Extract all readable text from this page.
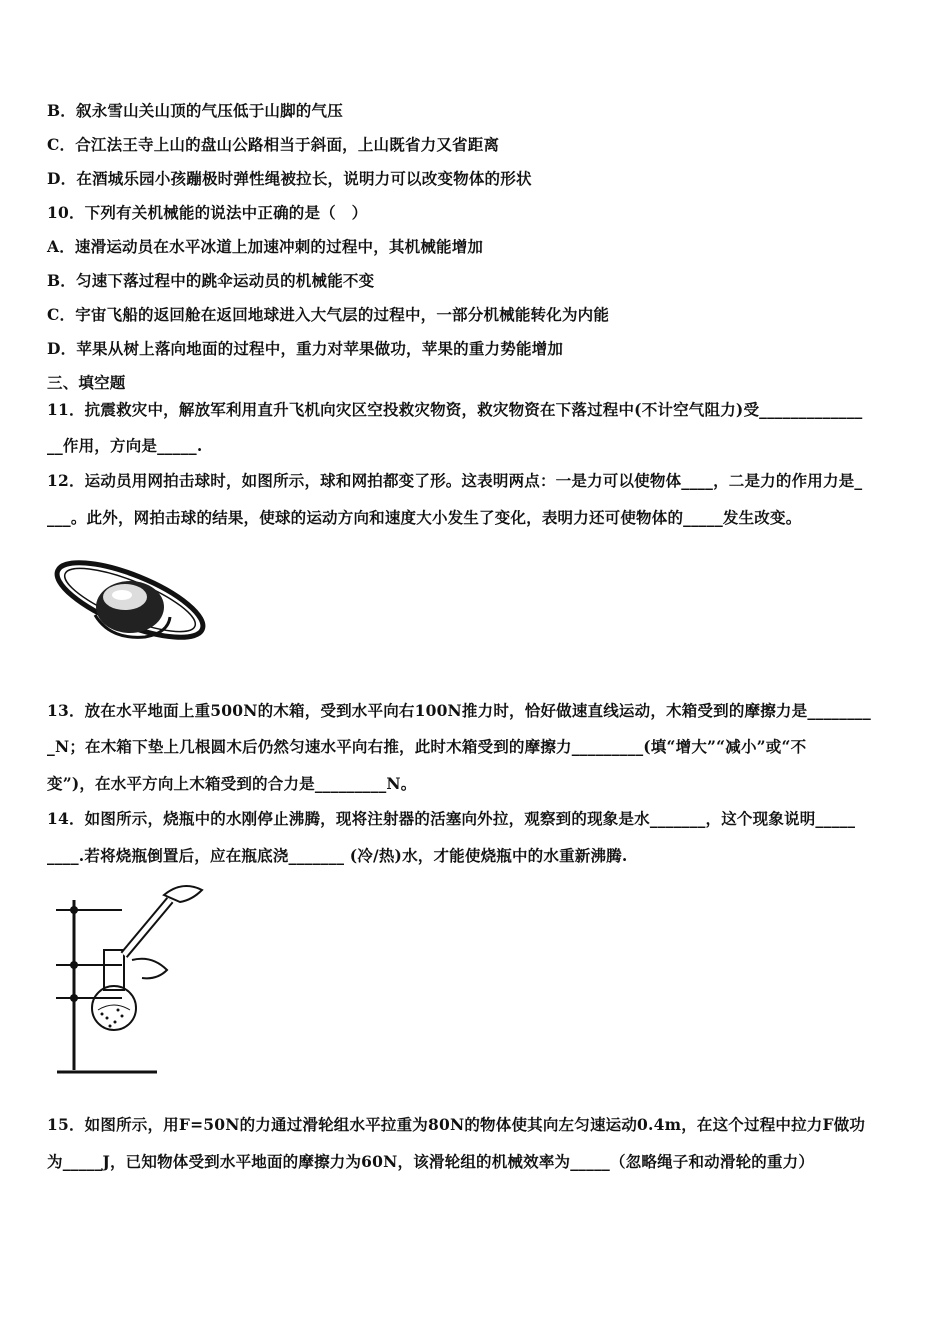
B．叙永雪山关山顶的气压低于山脚的气压
C．合江法王寺上山的盘山公路相当于斜面，上山既省力又省距离
D．在酒城乐园小孩蹦极时弹性绳被拉长，说明力可以改变物体的形状
10．下列有关机械能的说法中正确的是（　）
A．速滑运动员在水平冰道上加速冲刺的过程中，其机械能增加
B．匀速下落过程中的跳伞运动员的机械能不变
C．宇宙飞船的返回舱在返回地球进入大气层的过程中，一部分机械能转化为内能
D．苹果从树上落向地面的过程中，重力对苹果做功，苹果的重力势能增加
三、填空题
11．抗震救灾中，解放军利用直升飞机向灾区空投救灾物资，救灾物资在下落过程中(不计空气阻力)受_____________
__作用，方向是_____.
12．运动员用网拍击球时，如图所示，球和网拍都变了形。这表明两点：一是力可以使物体____，二是力的作用力是_
___。此外，网拍击球的结果，使球的运动方向和速度大小发生了变化，表明力还可使物体的_____发生改变。
13．放在水平地面上重500N的木箱，受到水平向右100N推力时，恰好做速直线运动，木箱受到的摩擦力是________
_N；在木箱下垫上几根圆木后仍然匀速水平向右推，此时木箱受到的摩擦力_________(填“增大”“减小”或“不
变”)，在水平方向上木箱受到的合力是_________N。
14．如图所示，烧瓶中的水刚停止沸腾，现将注射器的活塞向外拉，观察到的现象是水_______，这个现象说明_____
____.若将烧瓶倒置后，应在瓶底浇_______ (冷/热)水，才能使烧瓶中的水重新沸腾.
15．如图所示，用F=50N的力通过滑轮组水平拉重为80N的物体使其向左匀速运动0.4m，在这个过程中拉力F做功
为_____J，已知物体受到水平地面的摩擦力为60N，该滑轮组的机械效率为_____（忽略绳子和动滑轮的重力）
